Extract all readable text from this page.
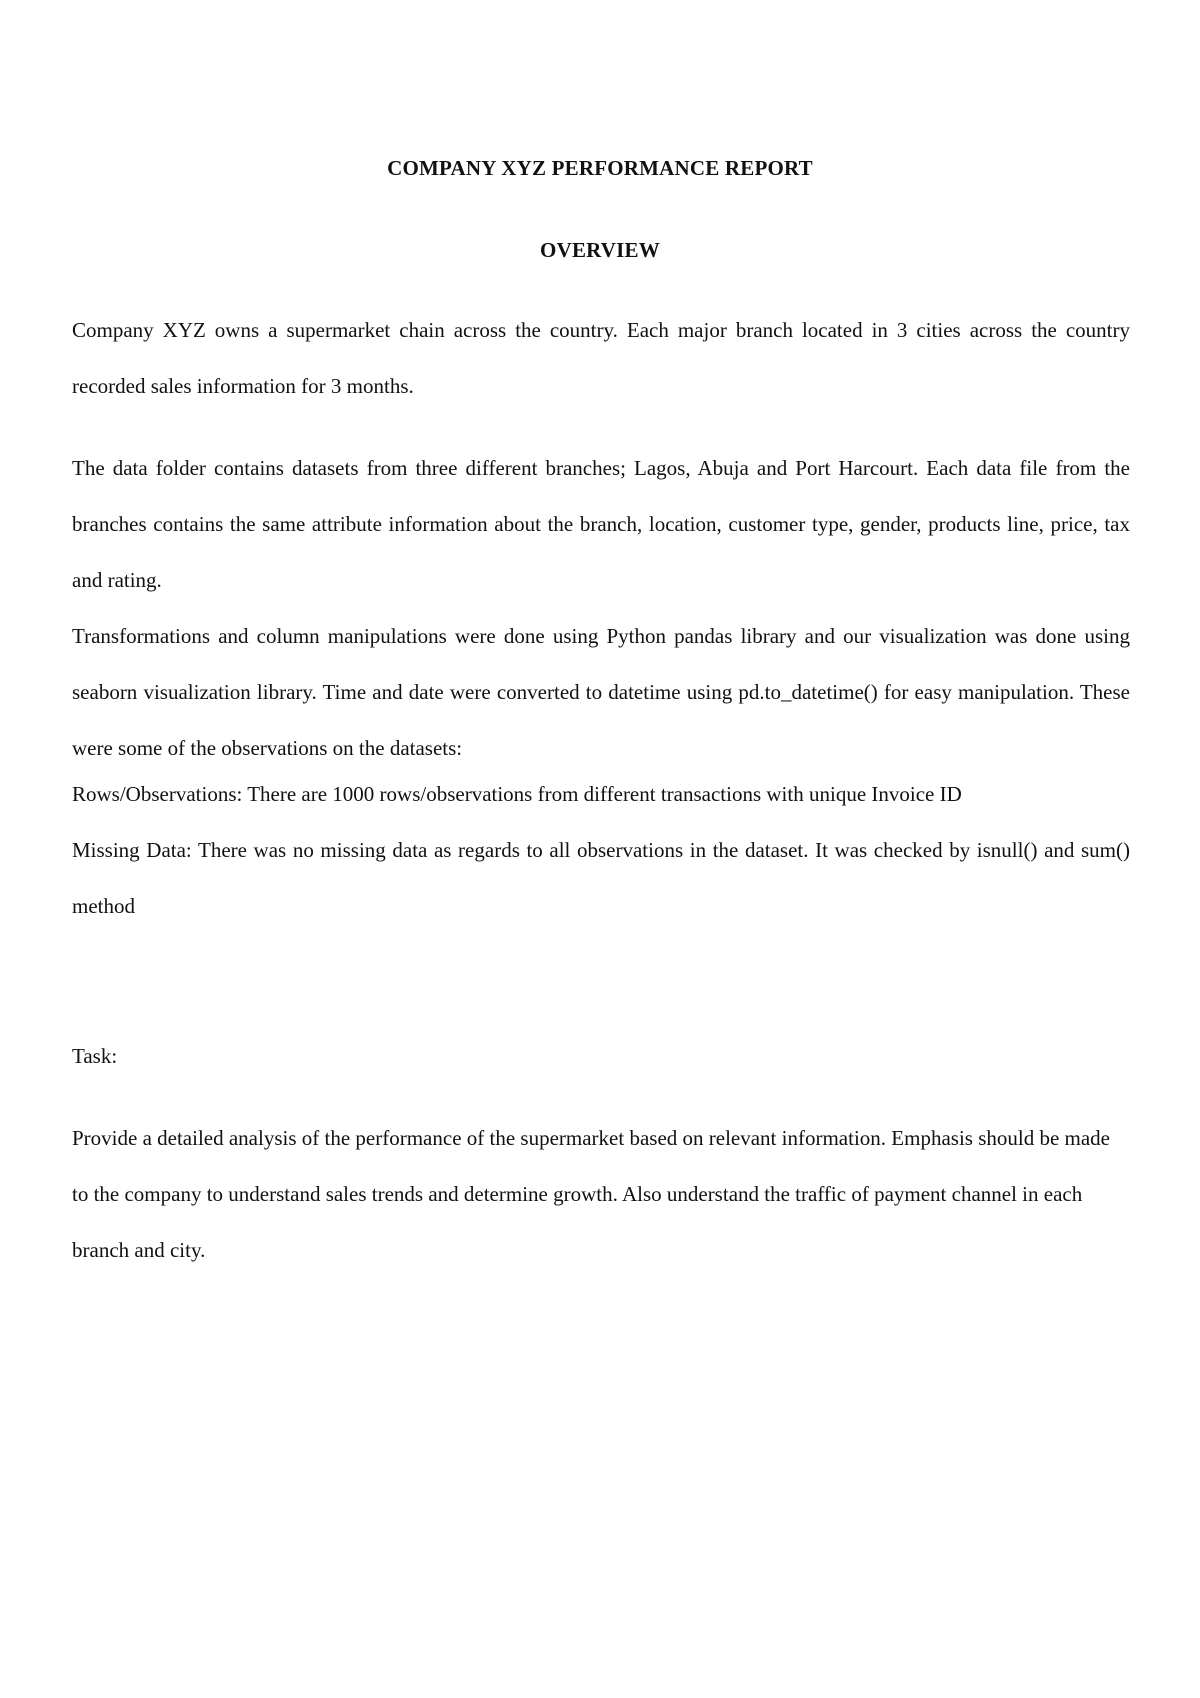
COMPANY XYZ PERFORMANCE REPORT
OVERVIEW

Company XYZ owns a supermarket chain across the country. Each major branch located in 3 cities across the country recorded sales information for 3 months.

The data folder contains datasets from three different branches; Lagos, Abuja and Port Harcourt. Each data file from the branches contains the same attribute information about the branch, location, customer type, gender, products line, price, tax and rating.

Transformations and column manipulations were done using Python pandas library and our visualization was done using seaborn visualization library. Time and date were converted to datetime using pd.to_datetime() for easy manipulation. These were some of the observations on the datasets:

Rows/Observations: There are 1000 rows/observations from different transactions with unique Invoice ID

Missing Data: There was no missing data as regards to all observations in the dataset. It was checked by isnull() and sum() method

Task:

Provide a detailed analysis of the performance of the supermarket based on relevant information. Emphasis should be made to the company to understand sales trends and determine growth. Also understand the traffic of payment channel in each branch and city.
